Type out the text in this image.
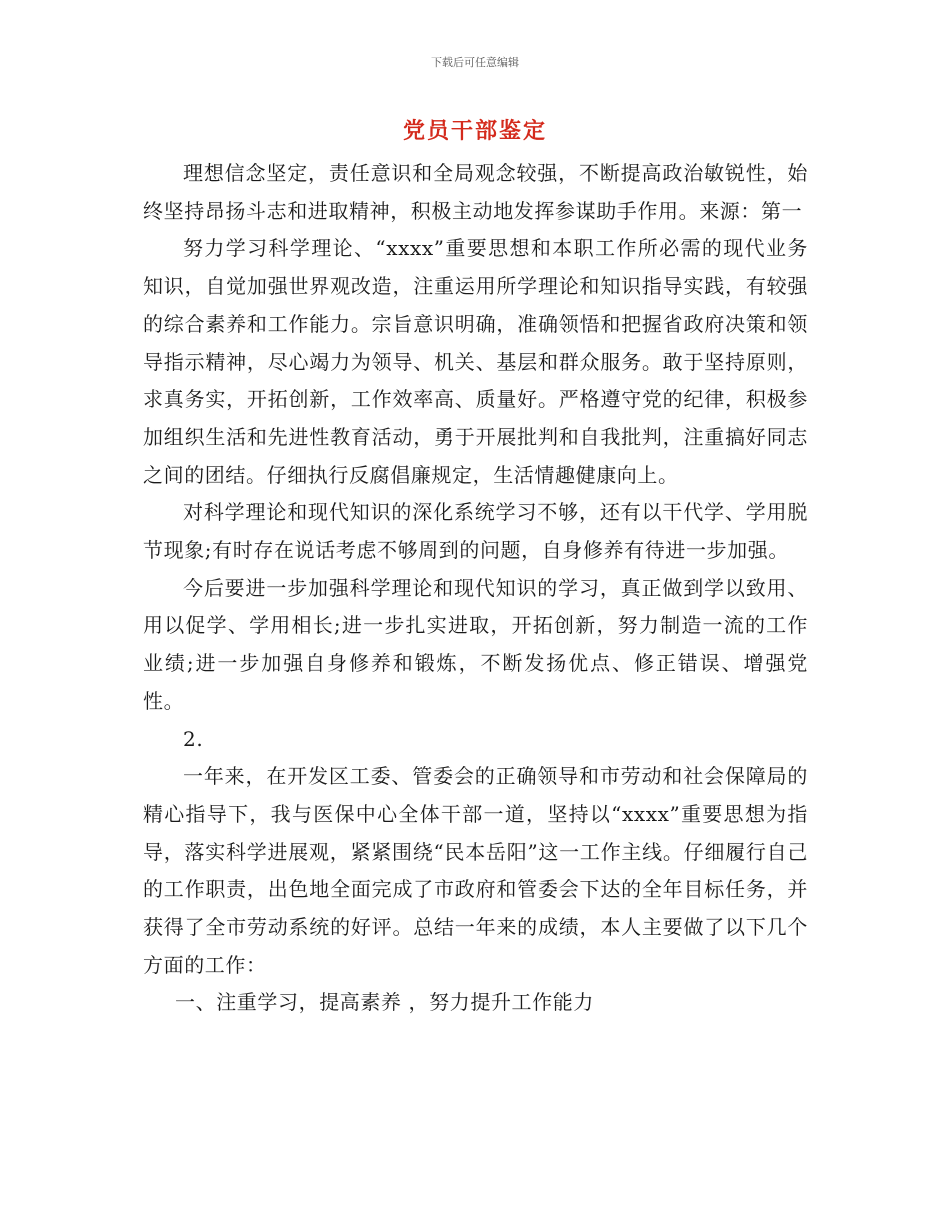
下载后可任意编辑
党员干部鉴定

理想信念坚定，责任意识和全局观念较强，不断提高政治敏锐性，始终坚持昂扬斗志和进取精神，积极主动地发挥参谋助手作用。来源：第一

努力学习科学理论、“xxxx”重要思想和本职工作所必需的现代业务知识，自觉加强世界观改造，注重运用所学理论和知识指导实践，有较强的综合素养和工作能力。宗旨意识明确，准确领悟和把握省政府决策和领导指示精神，尽心竭力为领导、机关、基层和群众服务。敢于坚持原则，求真务实，开拓创新，工作效率高、质量好。严格遵守党的纪律，积极参加组织生活和先进性教育活动，勇于开展批判和自我批判，注重搞好同志之间的团结。仔细执行反腐倡廉规定，生活情趣健康向上。

对科学理论和现代知识的深化系统学习不够，还有以干代学、学用脱节现象;有时存在说话考虑不够周到的问题，自身修养有待进一步加强。

今后要进一步加强科学理论和现代知识的学习，真正做到学以致用、用以促学、学用相长;进一步扎实进取，开拓创新，努力制造一流的工作业绩;进一步加强自身修养和锻炼，不断发扬优点、修正错误、增强党性。

2.

一年来，在开发区工委、管委会的正确领导和市劳动和社会保障局的精心指导下，我与医保中心全体干部一道，坚持以“xxxx”重要思想为指导，落实科学进展观，紧紧围绕“民本岳阳”这一工作主线。仔细履行自己的工作职责，出色地全面完成了市政府和管委会下达的全年目标任务，并获得了全市劳动系统的好评。总结一年来的成绩，本人主要做了以下几个方面的工作：

一、注重学习，提高素养 ，努力提升工作能力
